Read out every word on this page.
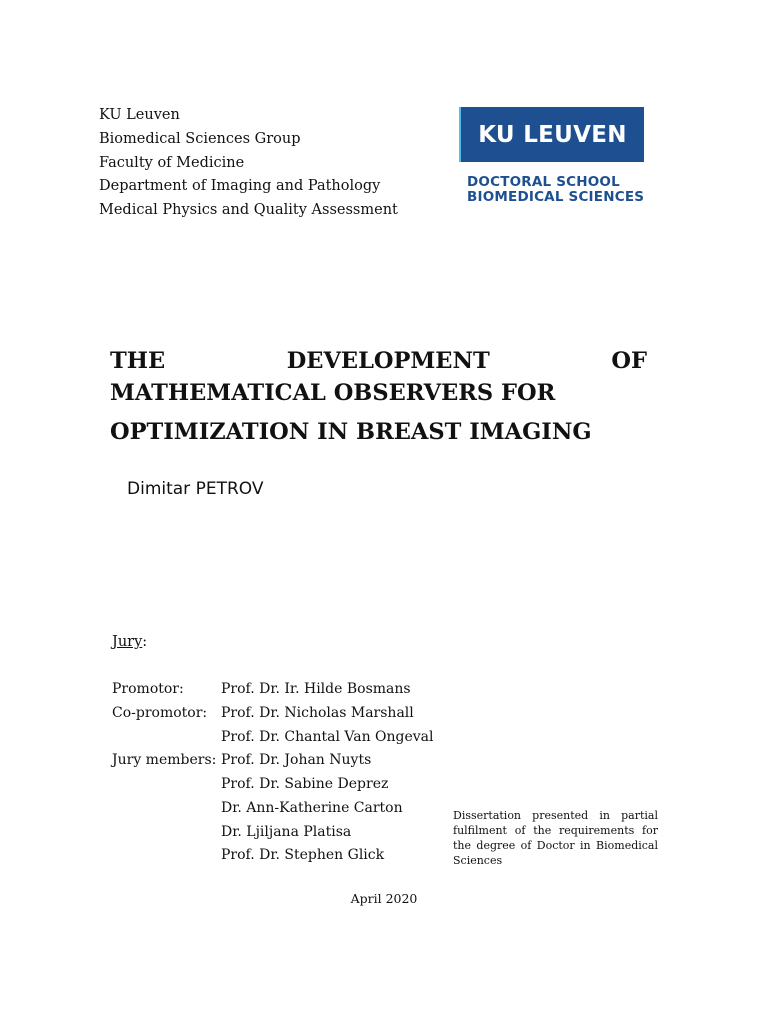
KU Leuven
Biomedical Sciences Group
Faculty of Medicine
Department of Imaging and Pathology
Medical Physics and Quality Assessment
KU LEUVEN
DOCTORAL SCHOOL
BIOMEDICAL SCIENCES
THE	DEVELOPMENT	OF
MATHEMATICAL OBSERVERS FOR
OPTIMIZATION IN BREAST IMAGING
Dimitar PETROV
Jury:
Promotor:	Prof. Dr. Ir. Hilde Bosmans
Co-promotor: Prof. Dr. Nicholas Marshall
Prof. Dr. Chantal Van Ongeval
Jury members: Prof. Dr. Johan Nuyts
Prof. Dr. Sabine Deprez
Dr. Ann-Katherine Carton
Dr. Ljiljana Platisa
Prof. Dr. Stephen Glick
Dissertation presented in partial fulfilment of the requirements for the degree of Doctor in Biomedical Sciences
April 2020
